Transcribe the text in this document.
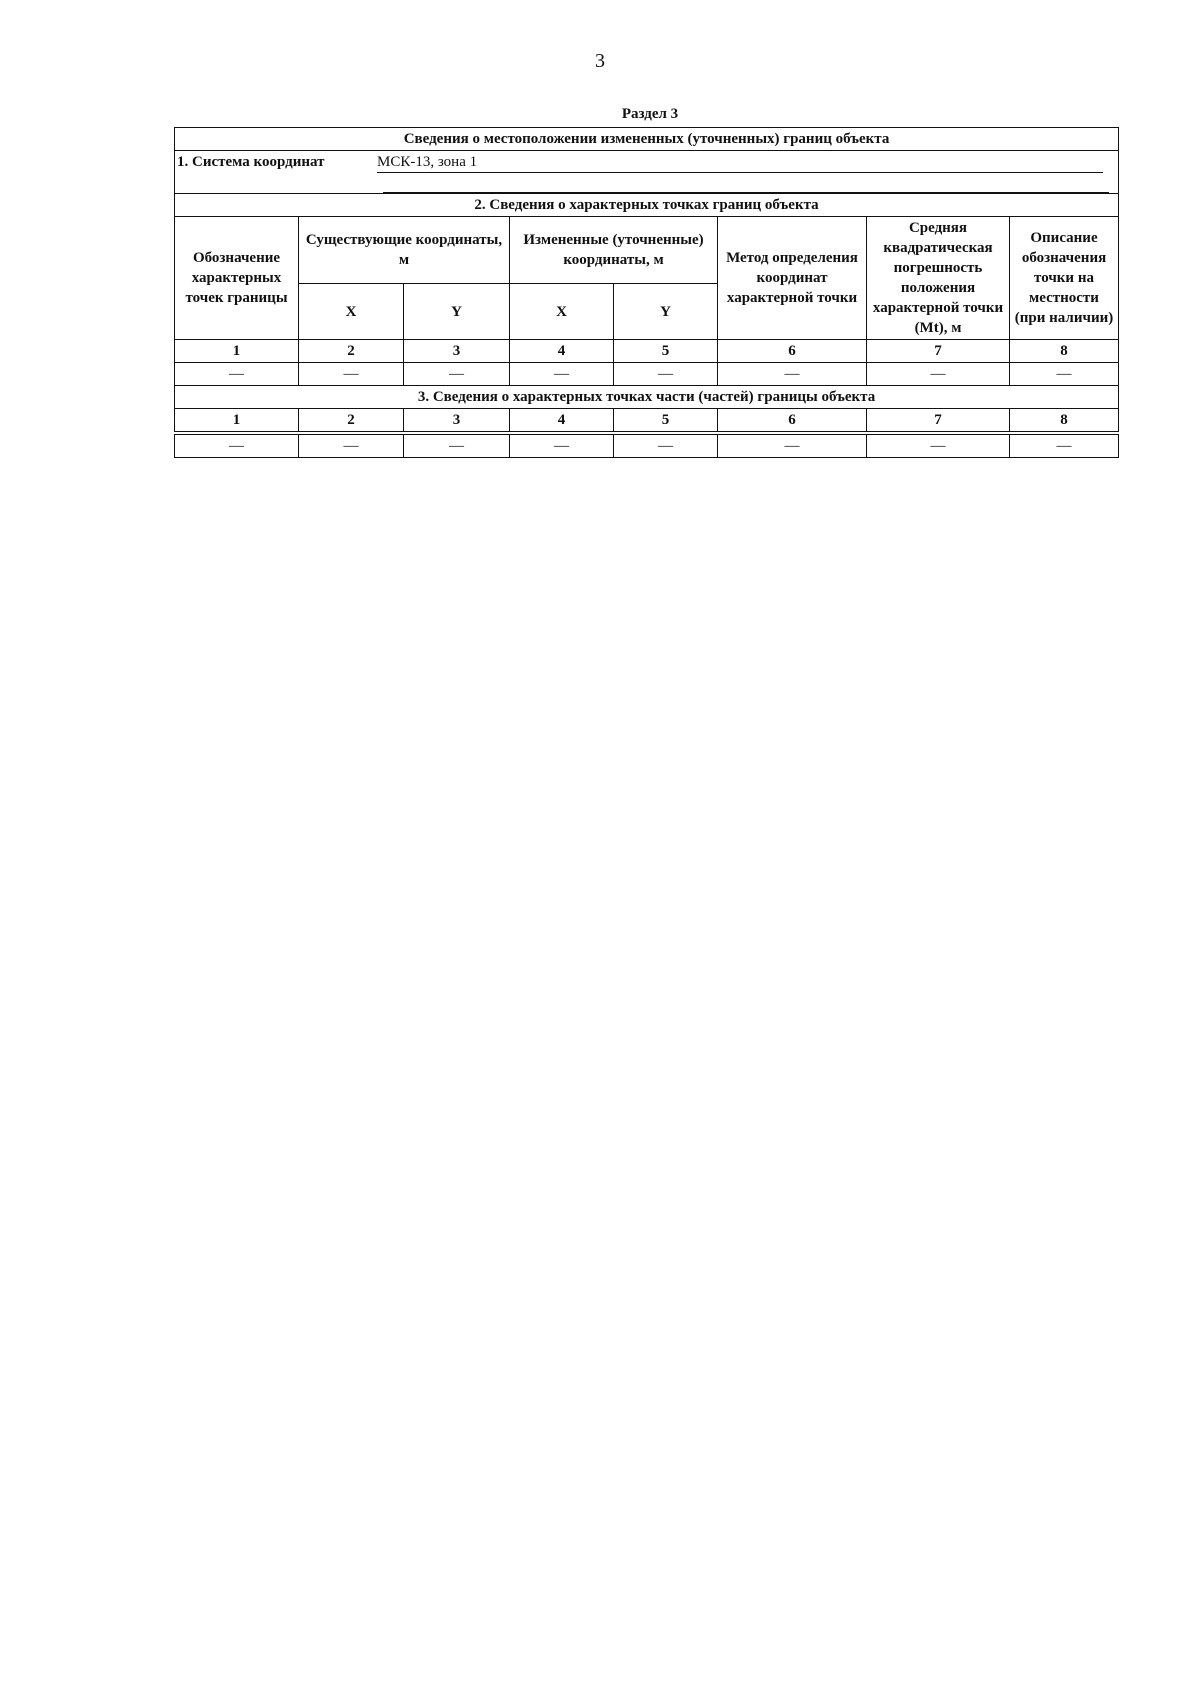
3
Раздел 3
Сведения о местоположении измененных (уточненных) границ объекта							
1. Система координат МСК-13, зона 1							

2. Сведения о характерных точках границ объекта							
Обозначение характерных точек границы	Существующие координаты, м		Измененные (уточненные) координаты, м		Метод определения координат характерной точки	Средняя квадратическая погрешность положения характерной точки (Mt), м	Описание обозначения точки на местности (при наличии)
	X	Y	X	Y			
1	2	3	4	5	6	7	8
—	—	—	—	—	—	—	—
3. Сведения о характерных точках части (частей) границы объекта							
1	2	3	4	5	6	7	8

—	—	—	—	—	—	—	—
